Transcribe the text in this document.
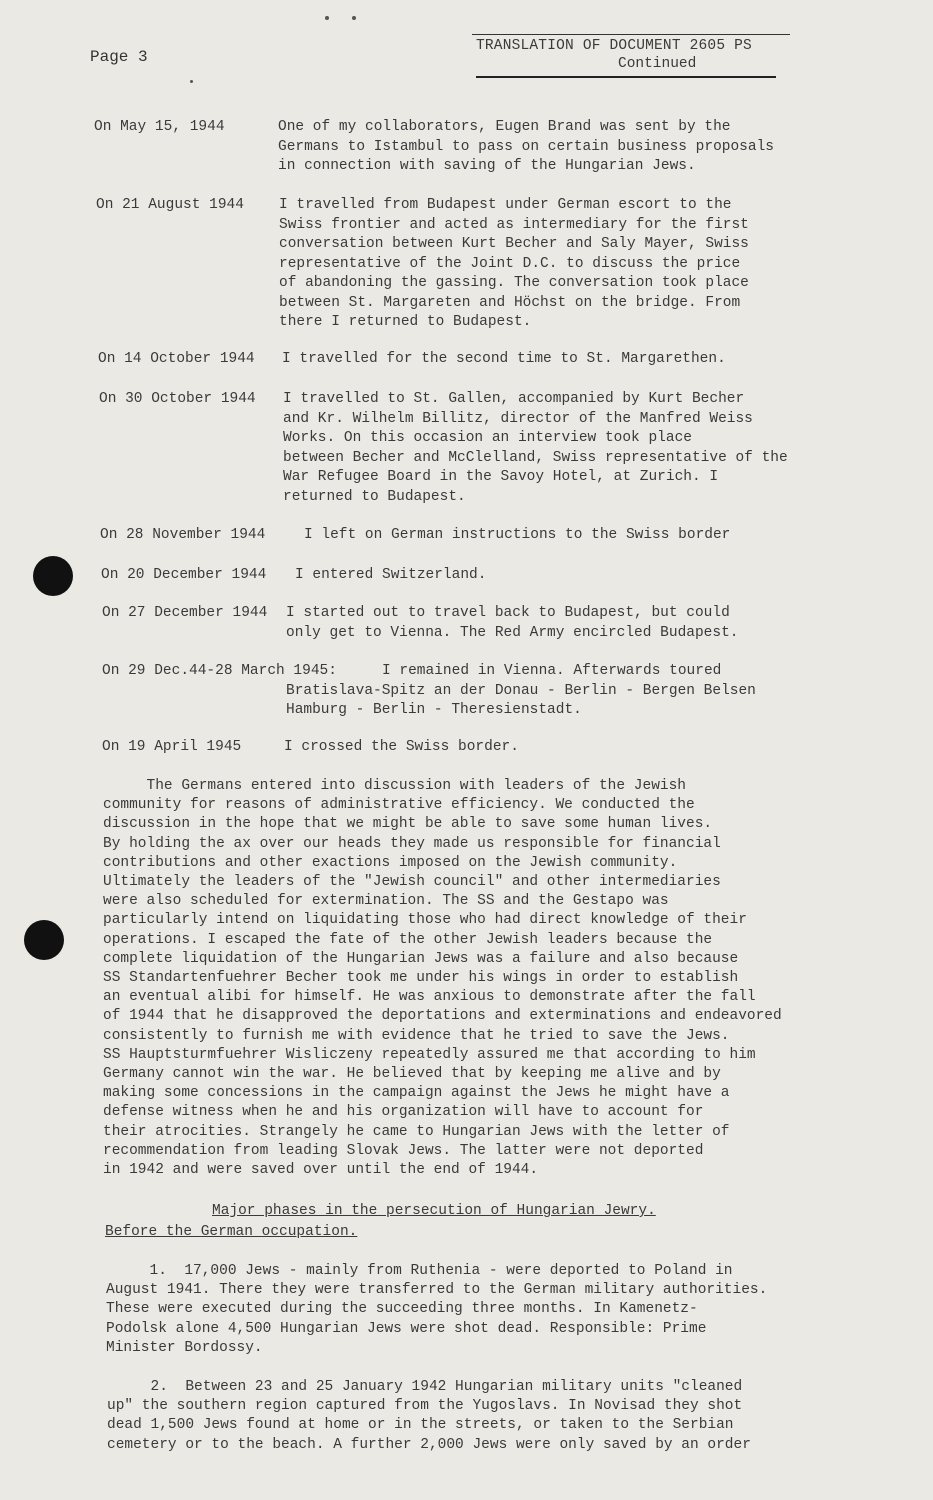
Page 3
TRANSLATION OF DOCUMENT 2605 PS
Continued
On May 15, 1944	One of my collaborators, Eugen Brand was sent by the
Germans to Istambul to pass on certain business proposals
in connection with saving of the Hungarian Jews.
On 21 August 1944 I travelled from Budapest under German escort to the
Swiss frontier and acted as intermediary for the first
conversation between Kurt Becher and Saly Mayer, Swiss
representative of the Joint D.C. to discuss the price
of abandoning the gassing. The conversation took place
between St. Margareten and Höchst on the bridge. From
there I returned to Budapest.
On 14 October 1944 I travelled for the second time to St. Margarethen.
On 30 October 1944 I travelled to St. Gallen, accompanied by Kurt Becher
and Kr. Wilhelm Billitz, director of the Manfred Weiss
Works. On this occasion an interview took place
between Becher and McClelland, Swiss representative of the
War Refugee Board in the Savoy Hotel, at Zurich. I
returned to Budapest.
On 28 November 1944	I left on German instructions to the Swiss border
On 20 December 1944 I entered Switzerland.
On 27 December 1944 I started out to travel back to Budapest, but could
only get to Vienna. The Red Army encircled Budapest.
On 29 Dec.44-28 March 1945:	I remained in Vienna. Afterwards toured
Bratislava-Spitz an der Donau - Berlin - Bergen Belsen
Hamburg - Berlin - Theresienstadt.
On 19 April 1945	I crossed the Swiss border.
The Germans entered into discussion with leaders of the Jewish
community for reasons of administrative efficiency. We conducted the
discussion in the hope that we might be able to save some human lives.
By holding the ax over our heads they made us responsible for financial
contributions and other exactions imposed on the Jewish community.
Ultimately the leaders of the "Jewish council" and other intermediaries
were also scheduled for extermination. The SS and the Gestapo was
particularly intend on liquidating those who had direct knowledge of their
operations. I escaped the fate of the other Jewish leaders because the
complete liquidation of the Hungarian Jews was a failure and also because
SS Standartenfuehrer Becher took me under his wings in order to establish
an eventual alibi for himself. He was anxious to demonstrate after the fall
of 1944 that he disapproved the deportations and exterminations and endeavored
consistently to furnish me with evidence that he tried to save the Jews.
SS Hauptsturmfuehrer Wisliczeny repeatedly assured me that according to him
Germany cannot win the war. He believed that by keeping me alive and by
making some concessions in the campaign against the Jews he might have a
defense witness when he and his organization will have to account for
their atrocities. Strangely he came to Hungarian Jews with the letter of
recommendation from leading Slovak Jews. The latter were not deported
in 1942 and were saved over until the end of 1944.
Major phases in the persecution of Hungarian Jewry.
Before the German occupation.
1.  17,000 Jews - mainly from Ruthenia - were deported to Poland in
August 1941. There they were transferred to the German military authorities.
These were executed during the succeeding three months. In Kamenetz-
Podolsk alone 4,500 Hungarian Jews were shot dead. Responsible: Prime
Minister Bordossy.
2.  Between 23 and 25 January 1942 Hungarian military units "cleaned
up" the southern region captured from the Yugoslavs. In Novisad they shot
dead 1,500 Jews found at home or in the streets, or taken to the Serbian
cemetery or to the beach. A further 2,000 Jews were only saved by an order
